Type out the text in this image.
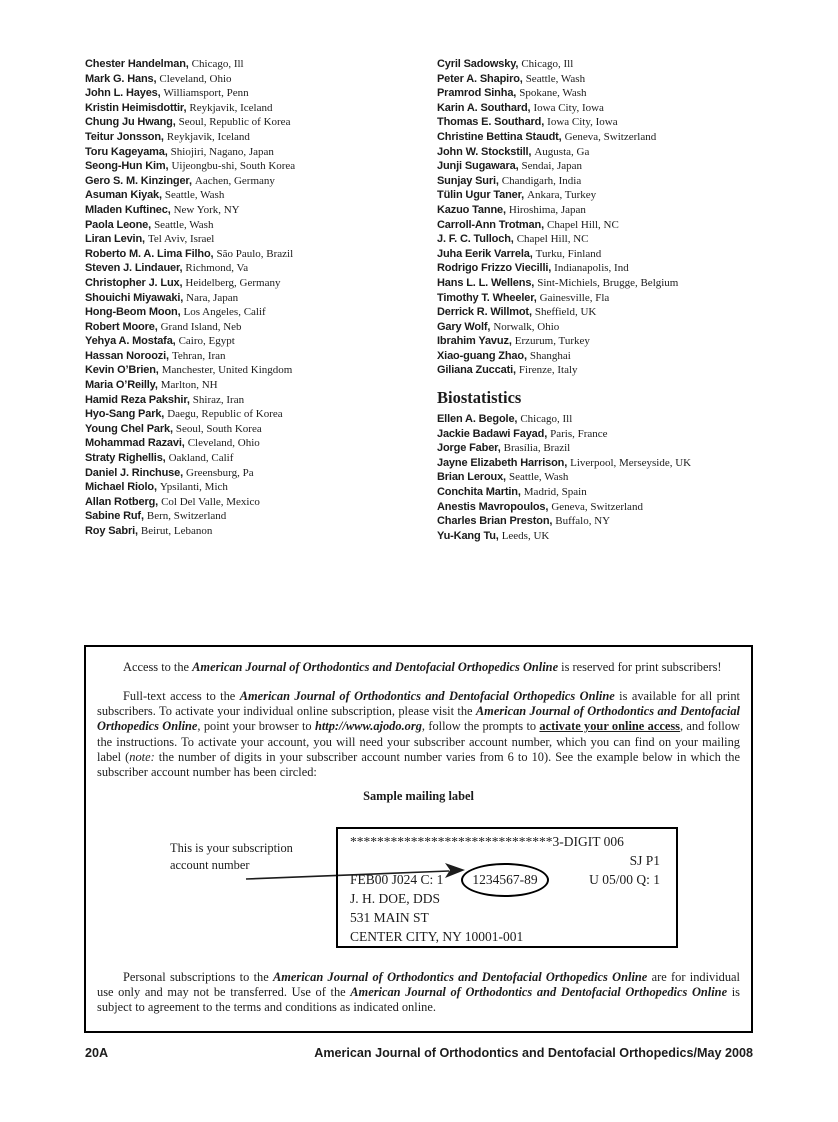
Chester Handelman, Chicago, Ill
Mark G. Hans, Cleveland, Ohio
John L. Hayes, Williamsport, Penn
Kristin Heimisdottir, Reykjavik, Iceland
Chung Ju Hwang, Seoul, Republic of Korea
Teitur Jonsson, Reykjavik, Iceland
Toru Kageyama, Shiojiri, Nagano, Japan
Seong-Hun Kim, Uijeongbu-shi, South Korea
Gero S. M. Kinzinger, Aachen, Germany
Asuman Kiyak, Seattle, Wash
Mladen Kuftinec, New York, NY
Paola Leone, Seattle, Wash
Liran Levin, Tel Aviv, Israel
Roberto M. A. Lima Filho, São Paulo, Brazil
Steven J. Lindauer, Richmond, Va
Christopher J. Lux, Heidelberg, Germany
Shouichi Miyawaki, Nara, Japan
Hong-Beom Moon, Los Angeles, Calif
Robert Moore, Grand Island, Neb
Yehya A. Mostafa, Cairo, Egypt
Hassan Noroozi, Tehran, Iran
Kevin O’Brien, Manchester, United Kingdom
Maria O’Reilly, Marlton, NH
Hamid Reza Pakshir, Shiraz, Iran
Hyo-Sang Park, Daegu, Republic of Korea
Young Chel Park, Seoul, South Korea
Mohammad Razavi, Cleveland, Ohio
Straty Righellis, Oakland, Calif
Daniel J. Rinchuse, Greensburg, Pa
Michael Riolo, Ypsilanti, Mich
Allan Rotberg, Col Del Valle, Mexico
Sabine Ruf, Bern, Switzerland
Roy Sabri, Beirut, Lebanon
Cyril Sadowsky, Chicago, Ill
Peter A. Shapiro, Seattle, Wash
Pramrod Sinha, Spokane, Wash
Karin A. Southard, Iowa City, Iowa
Thomas E. Southard, Iowa City, Iowa
Christine Bettina Staudt, Geneva, Switzerland
John W. Stockstill, Augusta, Ga
Junji Sugawara, Sendai, Japan
Sunjay Suri, Chandigarh, India
Tülin Ugur Taner, Ankara, Turkey
Kazuo Tanne, Hiroshima, Japan
Carroll-Ann Trotman, Chapel Hill, NC
J. F. C. Tulloch, Chapel Hill, NC
Juha Eerik Varrela, Turku, Finland
Rodrigo Frizzo Viecilli, Indianapolis, Ind
Hans L. L. Wellens, Sint-Michiels, Brugge, Belgium
Timothy T. Wheeler, Gainesville, Fla
Derrick R. Willmot, Sheffield, UK
Gary Wolf, Norwalk, Ohio
Ibrahim Yavuz, Erzurum, Turkey
Xiao-guang Zhao, Shanghai
Giliana Zuccati, Firenze, Italy
Biostatistics
Ellen A. Begole, Chicago, Ill
Jackie Badawi Fayad, Paris, France
Jorge Faber, Brasília, Brazil
Jayne Elizabeth Harrison, Liverpool, Merseyside, UK
Brian Leroux, Seattle, Wash
Conchita Martin, Madrid, Spain
Anestis Mavropoulos, Geneva, Switzerland
Charles Brian Preston, Buffalo, NY
Yu-Kang Tu, Leeds, UK

Access to the American Journal of Orthodontics and Dentofacial Orthopedics Online is reserved for print subscribers!

Full-text access to the American Journal of Orthodontics and Dentofacial Orthopedics Online is available for all print subscribers. To activate your individual online subscription, please visit the American Journal of Orthodontics and Dentofacial Orthopedics Online, point your browser to http://www.ajodo.org, follow the prompts to activate your online access, and follow the instructions. To activate your account, you will need your subscriber account number, which you can find on your mailing label (note: the number of digits in your subscriber account number varies from 6 to 10). See the example below in which the subscriber account number has been circled:

Sample mailing label
This is your subscription
account number
******************************3-DIGIT 006
SJ P1
FEB00 J024 C: 1	1234567-89	U 05/00 Q: 1
J. H. DOE, DDS
531 MAIN ST
CENTER CITY, NY 10001-001

Personal subscriptions to the American Journal of Orthodontics and Dentofacial Orthopedics Online are for individual use only and may not be transferred. Use of the American Journal of Orthodontics and Dentofacial Orthopedics Online is subject to agreement to the terms and conditions as indicated online.

20A	American Journal of Orthodontics and Dentofacial Orthopedics/May 2008
